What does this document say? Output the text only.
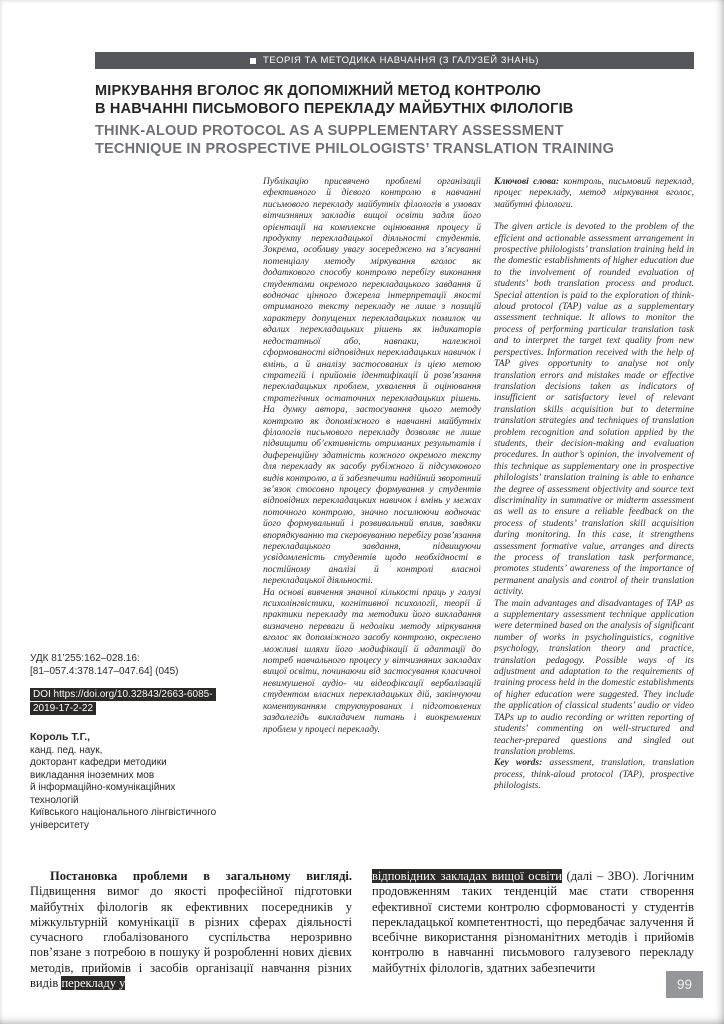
ТЕОРІЯ ТА МЕТОДИКА НАВЧАННЯ (З ГАЛУЗЕЙ ЗНАНЬ)
МІРКУВАННЯ ВГОЛОС ЯК ДОПОМІЖНИЙ МЕТОД КОНТРОЛЮ
В НАВЧАННІ ПИСЬМОВОГО ПЕРЕКЛАДУ МАЙБУТНІХ ФІЛОЛОГІВ
THINK-ALOUD PROTOCOL AS A SUPPLEMENTARY ASSESSMENT
TECHNIQUE IN PROSPECTIVE PHILOLOGISTS’ TRANSLATION TRAINING

Публікацію присвячено проблемі організації ефективного й дієвого контролю в навчанні письмового перекладу майбутніх філологів в умовах вітчизняних закладів вищої освіти задля його орієнтації на комплексне оцінювання процесу й продукту перекладацької діяльності студентів. Зокрема, особливу увагу зосереджено на з’ясуванні потенціалу методу міркування вголос як додаткового способу контролю перебігу виконання студентами окремого перекладацького завдання й водночас цінного джерела інтерпретації якості отриманого тексту перекладу не лише з позицій характеру допущених перекладацьких помилок чи вдалих перекладацьких рішень як індикаторів недостатньої або, навпаки, належної сформованості відповідних перекладацьких навичок і вмінь, а й аналізу застосованих із цією метою стратегій і прийомів ідентифікації й розв’язання перекладацьких проблем, ухвалення й оцінювання стратегічних остаточних перекладацьких рішень. На думку автора, застосування цього методу контролю як допоміжного в навчанні майбутніх філологів письмового перекладу дозволяє не лише підвищити об’єктивність отриманих результатів і диференційну здатність кожного окремого тексту для перекладу як засобу рубіжного й підсумкового видів контролю, а й забезпечити надійний зворотний зв’язок стосовно процесу формування у студентів відповідних перекладацьких навичок і вмінь у межах поточного контролю, значно посилюючи водночас його формувальний і розвивальний вплив, завдяки впорядкуванню та скеровуванню перебігу розв’язання перекладацького завдання, підвищуючи усвідомленість студентів щодо необхідності в постійному аналізі й контролі власної перекладацької діяльності.

На основі вивчення значної кількості праць у галузі психолінгвістики, когнітивної психології, теорії й практики перекладу та методики його викладання визначено переваги й недоліки методу міркування вголос як допоміжного засобу контролю, окреслено можливі шляхи його модифікації й адаптації до потреб навчального процесу у вітчизняних закладах вищої освіти, починаючи від застосування класичної невимушеної аудіо- чи відеофіксації вербалізацій студентом власних перекладацьких дій, закінчуючи коментуванням структурованих і підготовлених заздалегідь викладачем питань і виокремлених проблем у процесі перекладу.

Ключові слова: контроль, письмовий переклад, процес перекладу, метод міркування вголос, майбутні філологи.

The given article is devoted to the problem of the efficient and actionable assessment arrangement in prospective philologists’ translation training held in the domestic establishments of higher education due to the involvement of rounded evaluation of students’ both translation process and product. Special attention is paid to the exploration of think-aloud protocol (TAP) value as a supplementary assessment technique. It allows to monitor the process of performing particular translation task and to interpret the target text quality from new perspectives. Information received with the help of TAP gives opportunity to analyse not only translation errors and mistakes made or effective translation decisions taken as indicators of insufficient or satisfactory level of relevant translation skills acquisition but to determine translation strategies and techniques of translation problem recognition and solution applied by the students, their decision-making and evaluation procedures. In author’s opinion, the involvement of this technique as supplementary one in prospective philologists’ translation training is able to enhance the degree of assessment objectivity and source text discriminality in summative or midterm assessment as well as to ensure a reliable feedback on the process of students’ translation skill acquisition during monitoring. In this case, it strengthens assessment formative value, arranges and directs the process of translation task performance, promotes students’ awareness of the importance of permanent analysis and control of their translation activity.

The main advantages and disadvantages of TAP as a supplementary assessment technique application were determined based on the analysis of significant number of works in psycholinguistics, cognitive psychology, translation theory and practice, translation pedagogy. Possible ways of its adjustment and adaptation to the requirements of training process held in the domestic establishments of higher education were suggested. They include the application of classical students’ audio or video TAPs up to audio recording or written reporting of students’ commenting on well-structured and teacher-prepared questions and singled out translation problems.

Key words: assessment, translation, translation process, think-aloud protocol (TAP), prospective philologists.

УДК 81’255:162–028.16:
[81–057.4:378.147–047.64] (045)
DOI https://doi.org/10.32843/2663-6085-2019-17-2-22
Король Т.Г.,
канд. пед. наук,
докторант кафедри методики
викладання іноземних мов
й інформаційно-комунікаційних
технологій
Київського національного лінгвістичного
університету

Постановка проблеми в загальному вигляді. Підвищення вимог до якості професійної підготовки майбутніх філологів як ефективних посередників у міжкультурній комунікації в різних сферах діяльності сучасного глобалізованого суспільства нерозривно пов’язане з потребою в пошуку й розробленні нових дієвих методів, прийомів і засобів організації навчання різних видів перекладу у

відповідних закладах вищої освіти (далі – ЗВО). Логічним продовженням таких тенденцій має стати створення ефективної системи контролю сформованості у студентів перекладацької компетентності, що передбачає залучення й всебічне використання різноманітних методів і прийомів контролю в навчанні письмового галузевого перекладу майбутніх філологів, здатних забезпечити

99
